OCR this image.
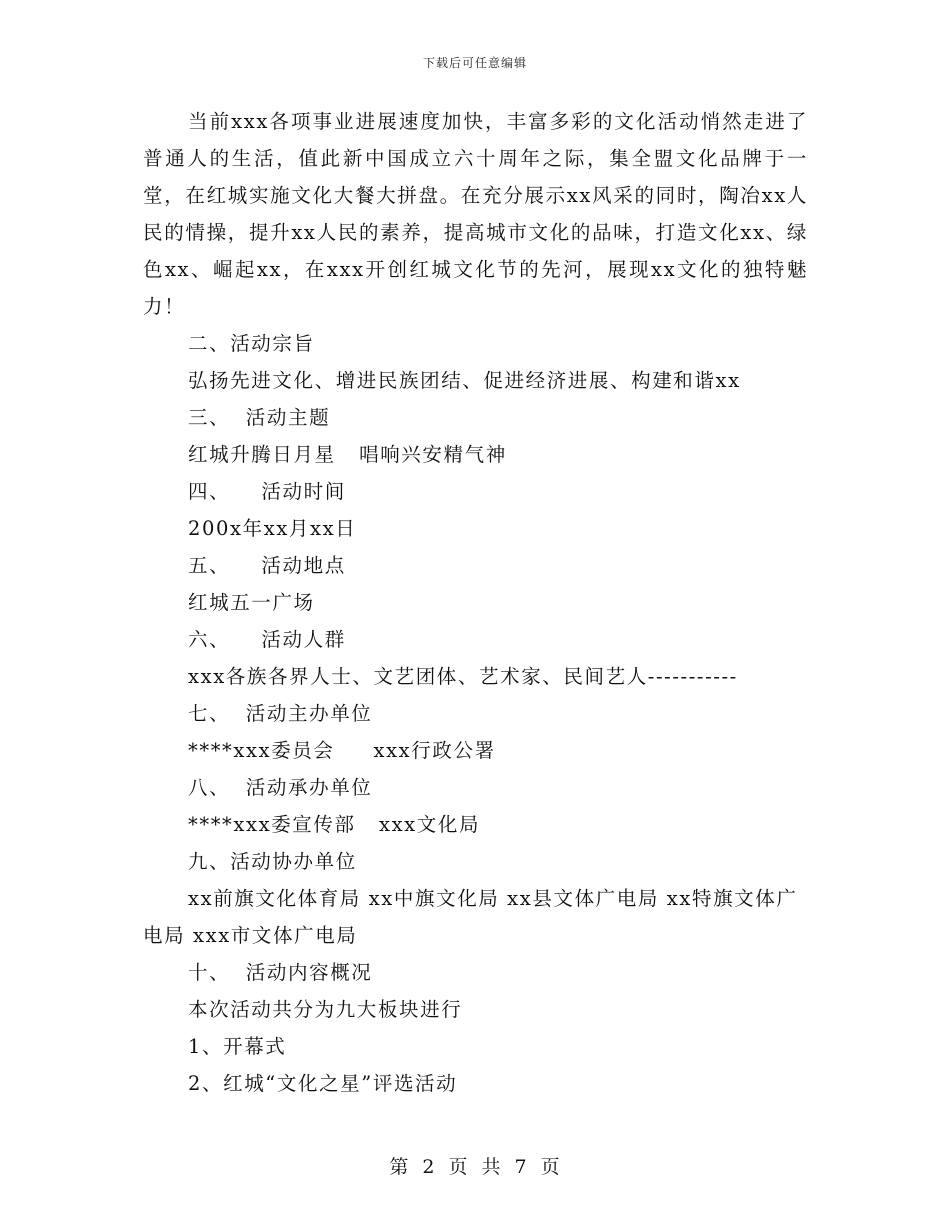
下载后可任意编辑

当前xxx各项事业进展速度加快，丰富多彩的文化活动悄然走进了普通人的生活，值此新中国成立六十周年之际，集全盟文化品牌于一堂，在红城实施文化大餐大拼盘。在充分展示xx风采的同时，陶冶xx人民的情操，提升xx人民的素养，提高城市文化的品味，打造文化xx、绿色xx、崛起xx，在xxx开创红城文化节的先河，展现xx文化的独特魅力！

二、活动宗旨

弘扬先进文化、增进民族团结、促进经济进展、构建和谐xx

三、  活动主题

红城升腾日月星   唱响兴安精气神

四、    活动时间

200x年xx月xx日

五、    活动地点

红城五一广场

六、    活动人群

xxx各族各界人士、文艺团体、艺术家、民间艺人-----------

七、  活动主办单位

****xxx委员会     xxx行政公署

八、  活动承办单位

****xxx委宣传部   xxx文化局

九、活动协办单位

xx前旗文化体育局 xx中旗文化局 xx县文体广电局 xx特旗文体广电局 xxx市文体广电局

十、  活动内容概况

本次活动共分为九大板块进行

1、开幕式

2、红城“文化之星”评选活动

第 2 页 共 7 页
